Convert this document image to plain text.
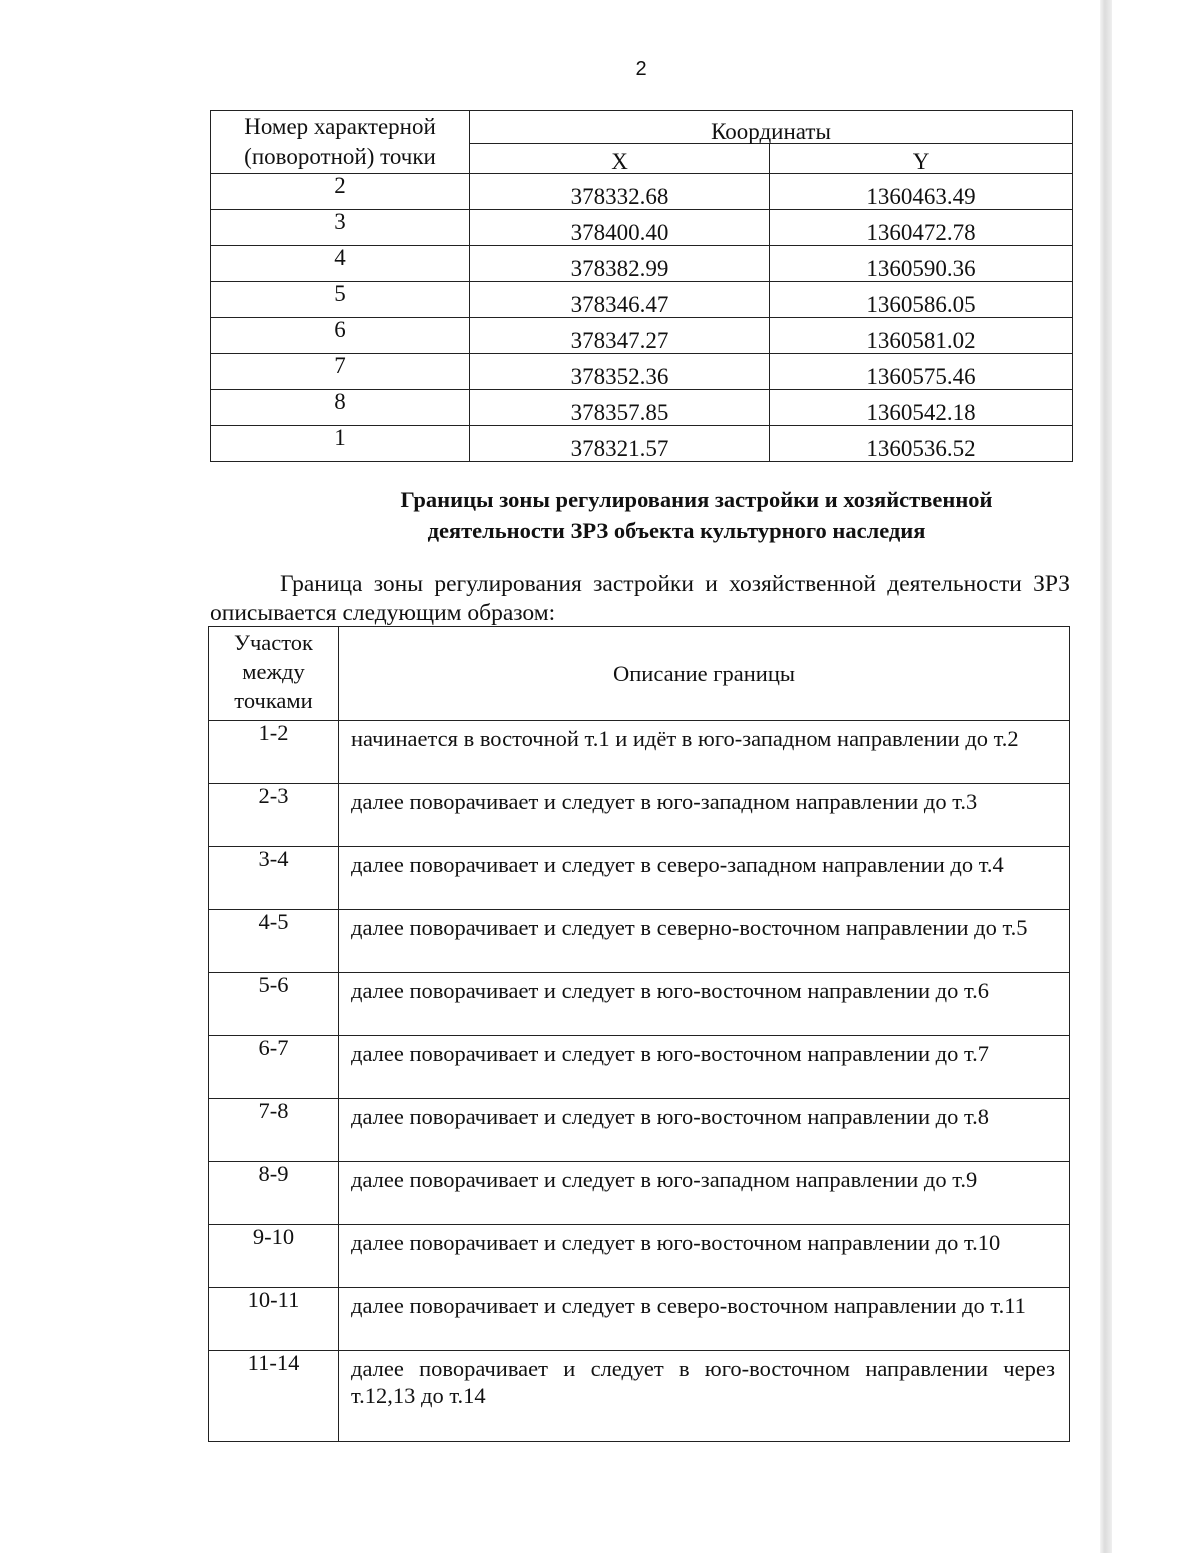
2
Номер характерной (поворотной) точки	Координаты	
	X	Y
2	378332.68	1360463.49
3	378400.40	1360472.78
4	378382.99	1360590.36
5	378346.47	1360586.05
6	378347.27	1360581.02
7	378352.36	1360575.46
8	378357.85	1360542.18
1	378321.57	1360536.52
Границы зоны регулирования застройки и хозяйственной
деятельности ЗРЗ объекта культурного наследия
Граница зоны регулирования застройки и хозяйственной деятельности ЗРЗ описывается следующим образом:
Участок между точками	Описание границы
1-2	начинается в восточной т.1 и идёт в юго-западном направлении до т.2
2-3	далее поворачивает и следует в юго-западном направлении до т.3
3-4	далее поворачивает и следует в северо-западном направлении до т.4
4-5	далее поворачивает и следует в северно-восточном направлении до т.5
5-6	далее поворачивает и следует в юго-восточном направлении до т.6
6-7	далее поворачивает и следует в юго-восточном направлении до т.7
7-8	далее поворачивает и следует в юго-восточном направлении до т.8
8-9	далее поворачивает и следует в юго-западном направлении до т.9
9-10	далее поворачивает и следует в юго-восточном направлении до т.10
10-11	далее поворачивает и следует в северо-восточном направлении до т.11
11-14	далее поворачивает и следует в юго-восточном направлении через т.12,13 до т.14
